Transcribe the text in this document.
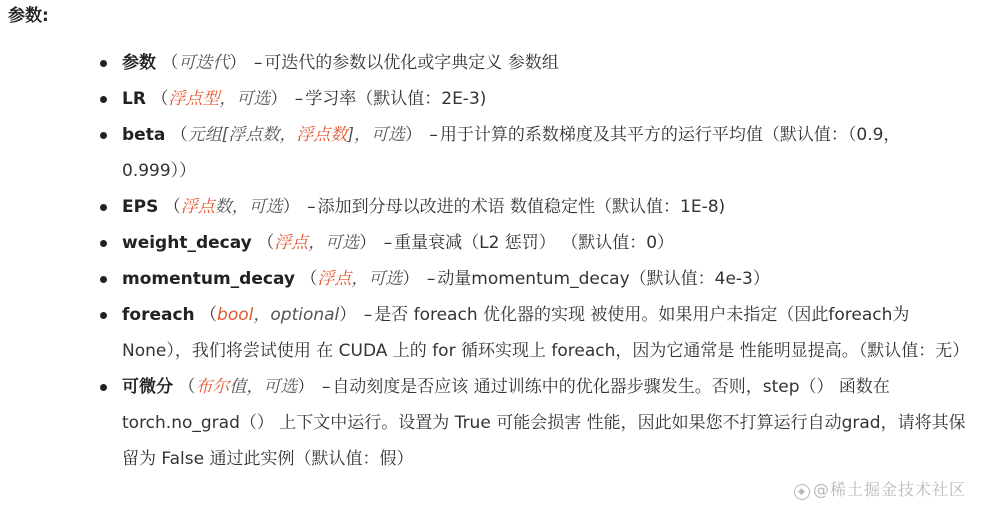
参数:
参数 （可迭代） – 可迭代的参数以优化或字典定义 参数组
LR （浮点型，可选） – 学习率（默认值：2E-3)
beta （元组[浮点数，浮点数]，可选） – 用于计算的系数梯度及其平方的运行平均值（默认值：（0.9， 0.999））
EPS （浮点数，可选） – 添加到分母以改进的术语 数值稳定性（默认值：1E-8)
weight_decay （浮点，可选） – 重量衰减（L2 惩罚） （默认值：0）
momentum_decay （浮点，可选） – 动量momentum_decay（默认值：4e-3）
foreach （bool，optional） – 是否 foreach 优化器的实现 被使用。如果用户未指定（因此foreach为None），我们将尝试使用 在 CUDA 上的 for 循环实现上 foreach，因为它通常是 性能明显提高。（默认值：无）
可微分 （布尔值，可选） – 自动刻度是否应该 通过训练中的优化器步骤发生。否则，step（） 函数在 torch.no_grad（） 上下文中运行。设置为 True 可能会损害 性能，因此如果您不打算运行自动grad，请将其保留为 False 通过此实例（默认值：假）
◆ @稀土掘金技术社区
